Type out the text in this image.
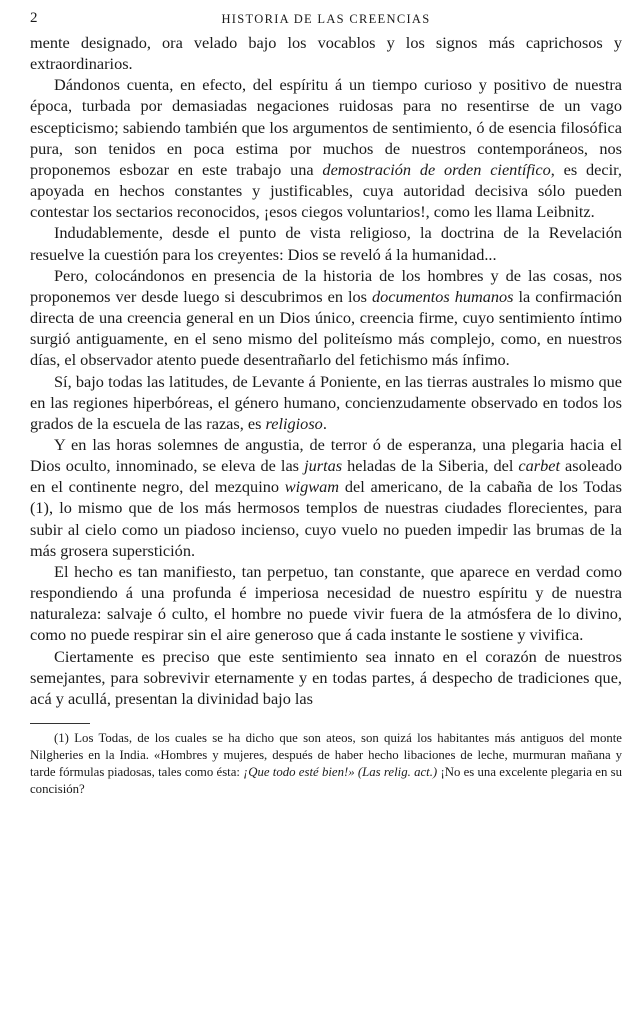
2	HISTORIA DE LAS CREENCIAS

mente designado, ora velado bajo los vocablos y los signos más caprichosos y extraordinarios.

Dándonos cuenta, en efecto, del espíritu á un tiempo curioso y positivo de nuestra época, turbada por demasiadas negaciones ruidosas para no resentirse de un vago escepticismo; sabiendo también que los argumentos de sentimiento, ó de esencia filosófica pura, son tenidos en poca estima por muchos de nuestros contemporáneos, nos proponemos esbozar en este trabajo una demostración de orden científico, es decir, apoyada en hechos constantes y justificables, cuya autoridad decisiva sólo pueden contestar los sectarios reconocidos, ¡esos ciegos voluntarios!, como les llama Leibnitz.

Indudablemente, desde el punto de vista religioso, la doctrina de la Revelación resuelve la cuestión para los creyentes: Dios se reveló á la humanidad...

Pero, colocándonos en presencia de la historia de los hombres y de las cosas, nos proponemos ver desde luego si descubrimos en los documentos humanos la confirmación directa de una creencia general en un Dios único, creencia firme, cuyo sentimiento íntimo surgió antiguamente, en el seno mismo del politeísmo más complejo, como, en nuestros días, el observador atento puede desentrañarlo del fetichismo más ínfimo.

Sí, bajo todas las latitudes, de Levante á Poniente, en las tierras australes lo mismo que en las regiones hiperbóreas, el género humano, concienzudamente observado en todos los grados de la escuela de las razas, es religioso.

Y en las horas solemnes de angustia, de terror ó de esperanza, una plegaria hacia el Dios oculto, innominado, se eleva de las jurtas heladas de la Siberia, del carbet asoleado en el continente negro, del mezquino wigwam del americano, de la cabaña de los Todas (1), lo mismo que de los más hermosos templos de nuestras ciudades florecientes, para subir al cielo como un piadoso incienso, cuyo vuelo no pueden impedir las brumas de la más grosera superstición.

El hecho es tan manifiesto, tan perpetuo, tan constante, que aparece en verdad como respondiendo á una profunda é imperiosa necesidad de nuestro espíritu y de nuestra naturaleza: salvaje ó culto, el hombre no puede vivir fuera de la atmósfera de lo divino, como no puede respirar sin el aire generoso que á cada instante le sostiene y vivifica.

Ciertamente es preciso que este sentimiento sea innato en el corazón de nuestros semejantes, para sobrevivir eternamente y en todas partes, á despecho de tradiciones que, acá y acullá, presentan la divinidad bajo las

(1) Los Todas, de los cuales se ha dicho que son ateos, son quizá los habitantes más antiguos del monte Nilgheries en la India. «Hombres y mujeres, después de haber hecho libaciones de leche, murmuran mañana y tarde fórmulas piadosas, tales como ésta: ¡Que todo esté bien!» (Las relig. act.) ¡No es una excelente plegaria en su concisión?
